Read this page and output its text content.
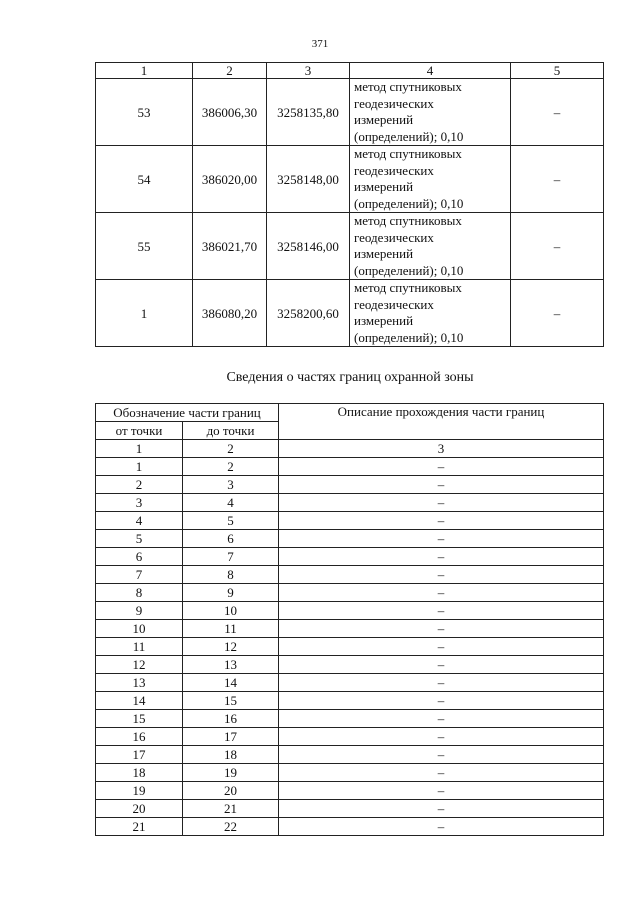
371
1	2	3	4	5
53	386006,30	3258135,80	метод спутниковых
геодезических
измерений
(определений); 0,10	–
54	386020,00	3258148,00	метод спутниковых
геодезических
измерений
(определений); 0,10	–
55	386021,70	3258146,00	метод спутниковых
геодезических
измерений
(определений); 0,10	–
1	386080,20	3258200,60	метод спутниковых
геодезических
измерений
(определений); 0,10	–
Сведения о частях границ охранной зоны
Обозначение части границ		Описание прохождения части границ
от точки	до точки	
1	2	3
1	2	–
2	3	–
3	4	–
4	5	–
5	6	–
6	7	–
7	8	–
8	9	–
9	10	–
10	11	–
11	12	–
12	13	–
13	14	–
14	15	–
15	16	–
16	17	–
17	18	–
18	19	–
19	20	–
20	21	–
21	22	–
